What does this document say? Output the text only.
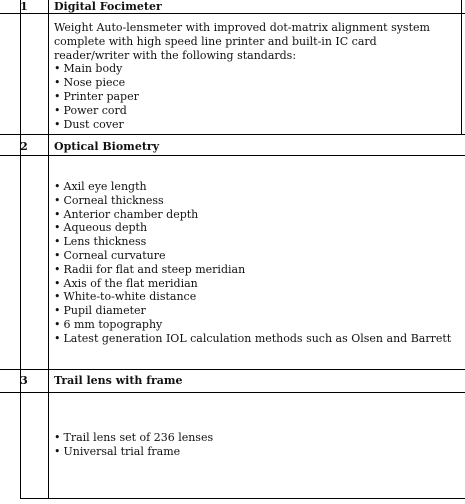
1	Digital Focimeter

Weight Auto-lensmeter with improved dot-matrix alignment system complete with high speed line printer and built-in IC card reader/writer with the following standards:

• Main body
• Nose piece
• Printer paper
• Power cord
• Dust cover
2	Optical Biometry
• Axil eye length
• Corneal thickness
• Anterior chamber depth
• Aqueous depth
• Lens thickness
• Corneal curvature
• Radii for flat and steep meridian
• Axis of the flat meridian
• White-to-white distance
• Pupil diameter
• 6 mm topography
• Latest generation IOL calculation methods such as Olsen and Barrett
3	Trail lens with frame
• Trail lens set of 236 lenses
• Universal trial frame
